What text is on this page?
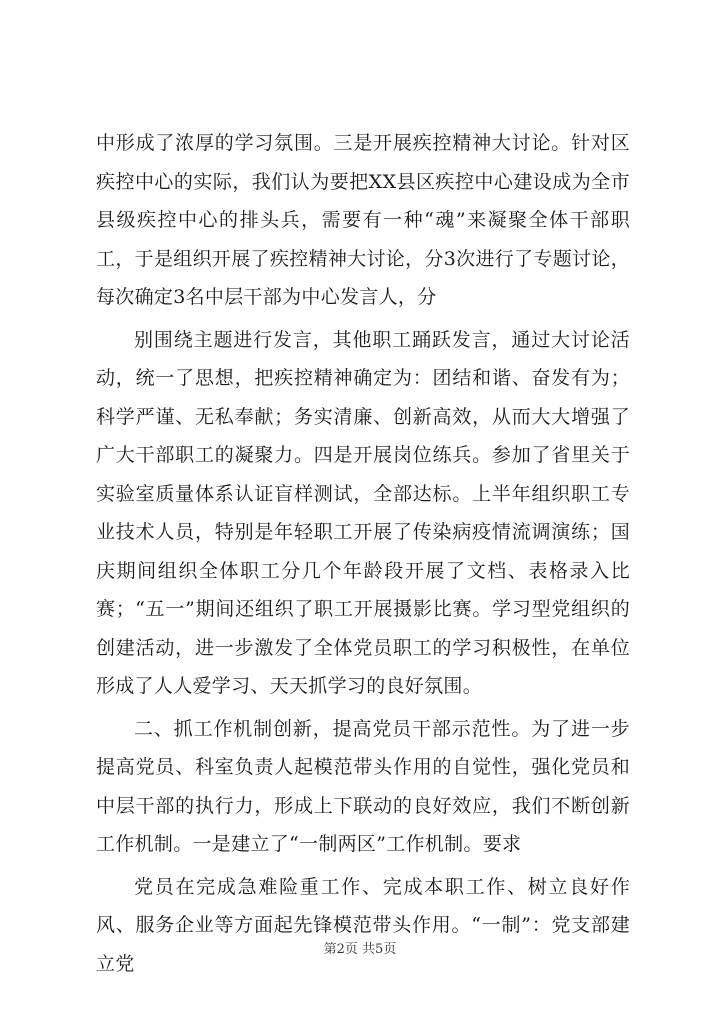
中形成了浓厚的学习氛围。三是开展疾控精神大讨论。针对区疾控中心的实际，我们认为要把XX县区疾控中心建设成为全市县级疾控中心的排头兵，需要有一种“魂”来凝聚全体干部职工，于是组织开展了疾控精神大讨论，分3次进行了专题讨论，每次确定3名中层干部为中心发言人，分

别围绕主题进行发言，其他职工踊跃发言，通过大讨论活动，统一了思想，把疾控精神确定为：团结和谐、奋发有为；科学严谨、无私奉献；务实清廉、创新高效，从而大大增强了广大干部职工的凝聚力。四是开展岗位练兵。参加了省里关于实验室质量体系认证盲样测试，全部达标。上半年组织职工专业技术人员，特别是年轻职工开展了传染病疫情流调演练；国庆期间组织全体职工分几个年龄段开展了文档、表格录入比赛；“五一”期间还组织了职工开展摄影比赛。学习型党组织的创建活动，进一步激发了全体党员职工的学习积极性，在单位形成了人人爱学习、天天抓学习的良好氛围。

二、抓工作机制创新，提高党员干部示范性。为了进一步提高党员、科室负责人起模范带头作用的自觉性，强化党员和中层干部的执行力，形成上下联动的良好效应，我们不断创新工作机制。一是建立了“一制两区”工作机制。要求

党员在完成急难险重工作、完成本职工作、树立良好作风、服务企业等方面起先锋模范带头作用。“一制”：党支部建立党

第2页 共5页
